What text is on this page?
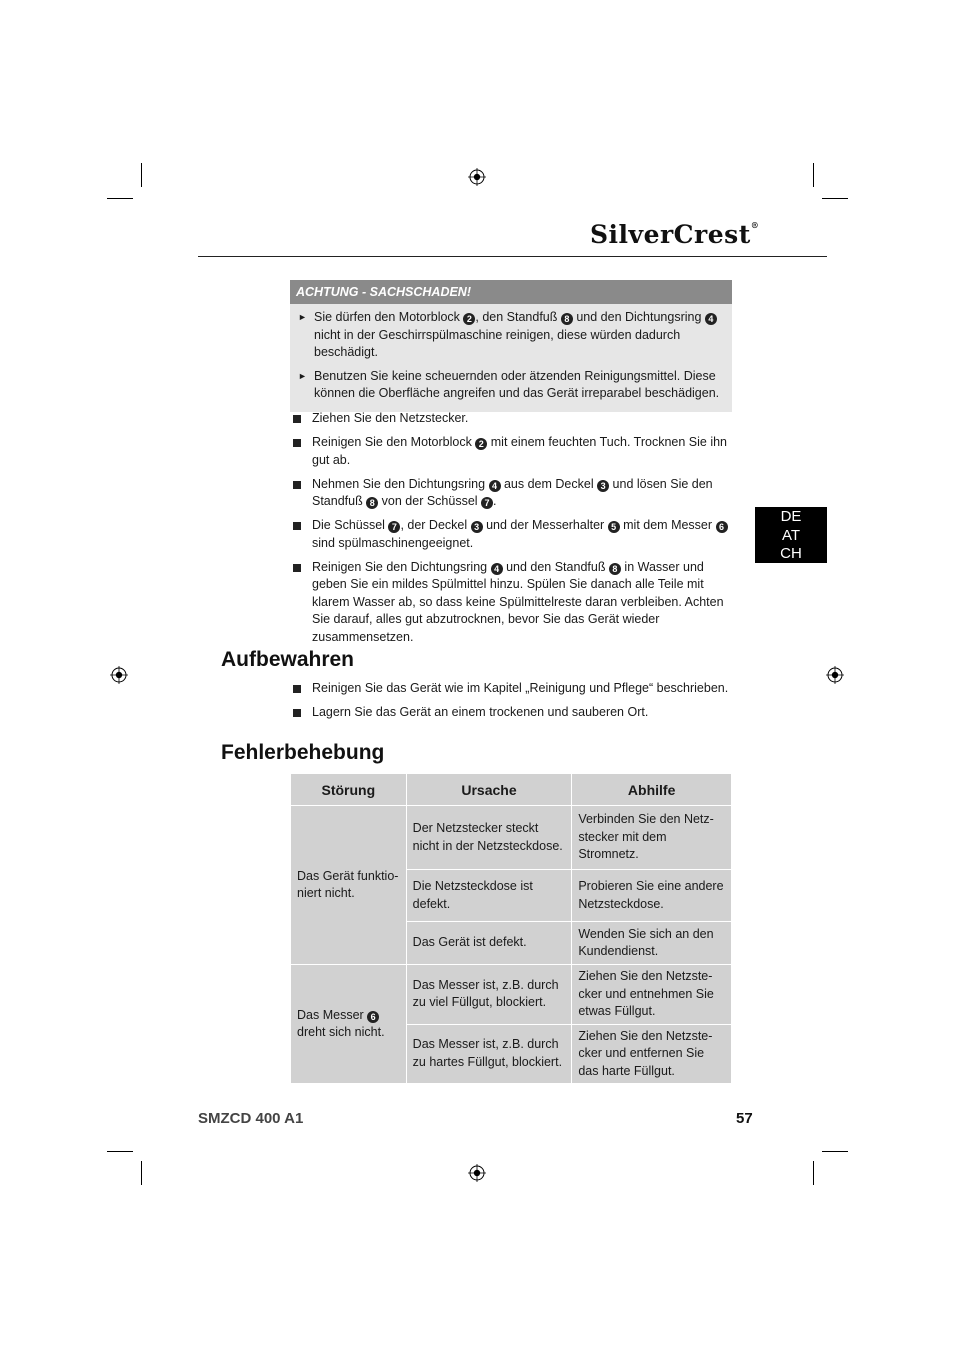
SilverCrest®
ACHTUNG - SACHSCHADEN!
► Sie dürfen den Motorblock 2 , den Standfuß 8 und den Dichtungsring 4 nicht in der Geschirrspülmaschine reinigen, diese würden dadurch beschädigt.
► Benutzen Sie keine scheuernden oder ätzenden Reinigungsmittel. Diese können die Oberfläche angreifen und das Gerät irreparabel beschädigen.
Ziehen Sie den Netzstecker.
Reinigen Sie den Motorblock 2 mit einem feuchten Tuch. Trocknen Sie ihn gut ab.
Nehmen Sie den Dichtungsring 4 aus dem Deckel 3 und lösen Sie den Standfuß 8 von der Schüssel 7 .
Die Schüssel 7 , der Deckel 3 und der Messerhalter 5 mit dem Messer 6 sind spülmaschinengeeignet.
Reinigen Sie den Dichtungsring 4 und den Standfuß 8 in Wasser und geben Sie ein mildes Spülmittel hinzu. Spülen Sie danach alle Teile mit klarem Wasser ab, so dass keine Spülmittelreste daran verbleiben. Achten Sie darauf, alles gut abzutrocknen, bevor Sie das Gerät wieder zusammensetzen.
Aufbewahren
Reinigen Sie das Gerät wie im Kapitel „Reinigung und Pflege“ beschrieben.
Lagern Sie das Gerät an einem trockenen und sauberen Ort.
Fehlerbehebung
Störung	Ursache	Abhilfe
Das Gerät funktio-niert nicht.	Der Netzstecker steckt nicht in der Netzsteckdose.	Verbinden Sie den Netz-stecker mit dem Stromnetz.
	Die Netzsteckdose ist defekt.	Probieren Sie eine andere Netzsteckdose.
	Das Gerät ist defekt.	Wenden Sie sich an den Kundendienst.
Das Messer 6 dreht sich nicht.	Das Messer ist, z.B. durch zu viel Füllgut, blockiert.	Ziehen Sie den Netzste-cker und entnehmen Sie etwas Füllgut.
	Das Messer ist, z.B. durch zu hartes Füllgut, blockiert.	Ziehen Sie den Netzste-cker und entfernen Sie das harte Füllgut.
DE
AT
CH
SMZCD 400 A1	57
